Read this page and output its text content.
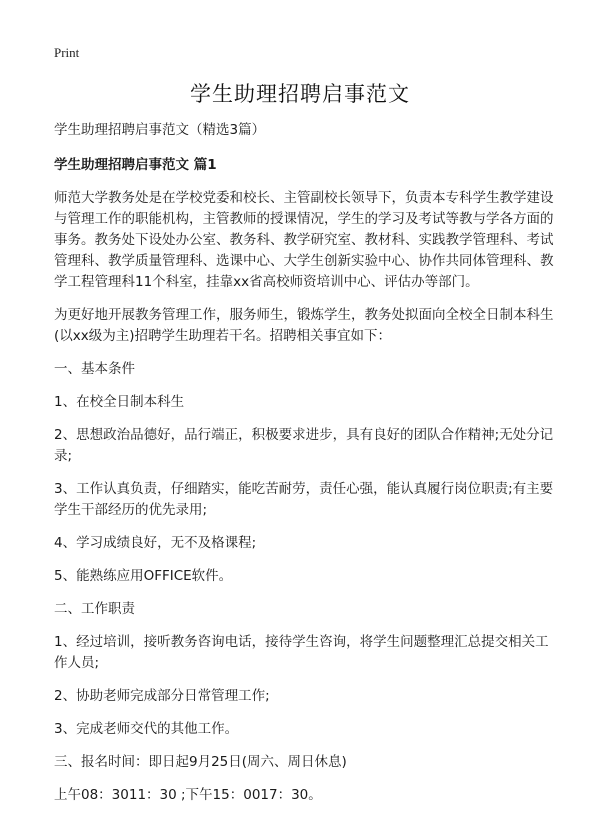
Print
学生助理招聘启事范文

学生助理招聘启事范文（精选3篇）

学生助理招聘启事范文 篇1

师范大学教务处是在学校党委和校长、主管副校长领导下，负责本专科学生教学建设与管理工作的职能机构，主管教师的授课情况，学生的学习及考试等教与学各方面的事务。教务处下设处办公室、教务科、教学研究室、教材科、实践教学管理科、考试管理科、教学质量管理科、选课中心、大学生创新实验中心、协作共同体管理科、教学工程管理科11个科室，挂靠xx省高校师资培训中心、评估办等部门。

为更好地开展教务管理工作，服务师生，锻炼学生，教务处拟面向全校全日制本科生(以xx级为主)招聘学生助理若干名。招聘相关事宜如下：

一、基本条件

1、在校全日制本科生

2、思想政治品德好，品行端正，积极要求进步，具有良好的团队合作精神;无处分记录;

3、工作认真负责，仔细踏实，能吃苦耐劳，责任心强，能认真履行岗位职责;有主要学生干部经历的优先录用;

4、学习成绩良好，无不及格课程;

5、能熟练应用OFFICE软件。

二、工作职责

1、经过培训，接听教务咨询电话，接待学生咨询，将学生问题整理汇总提交相关工作人员;

2、协助老师完成部分日常管理工作;

3、完成老师交代的其他工作。

三、报名时间：即日起9月25日(周六、周日休息)

上午08：3011：30 ;下午15：0017：30。
